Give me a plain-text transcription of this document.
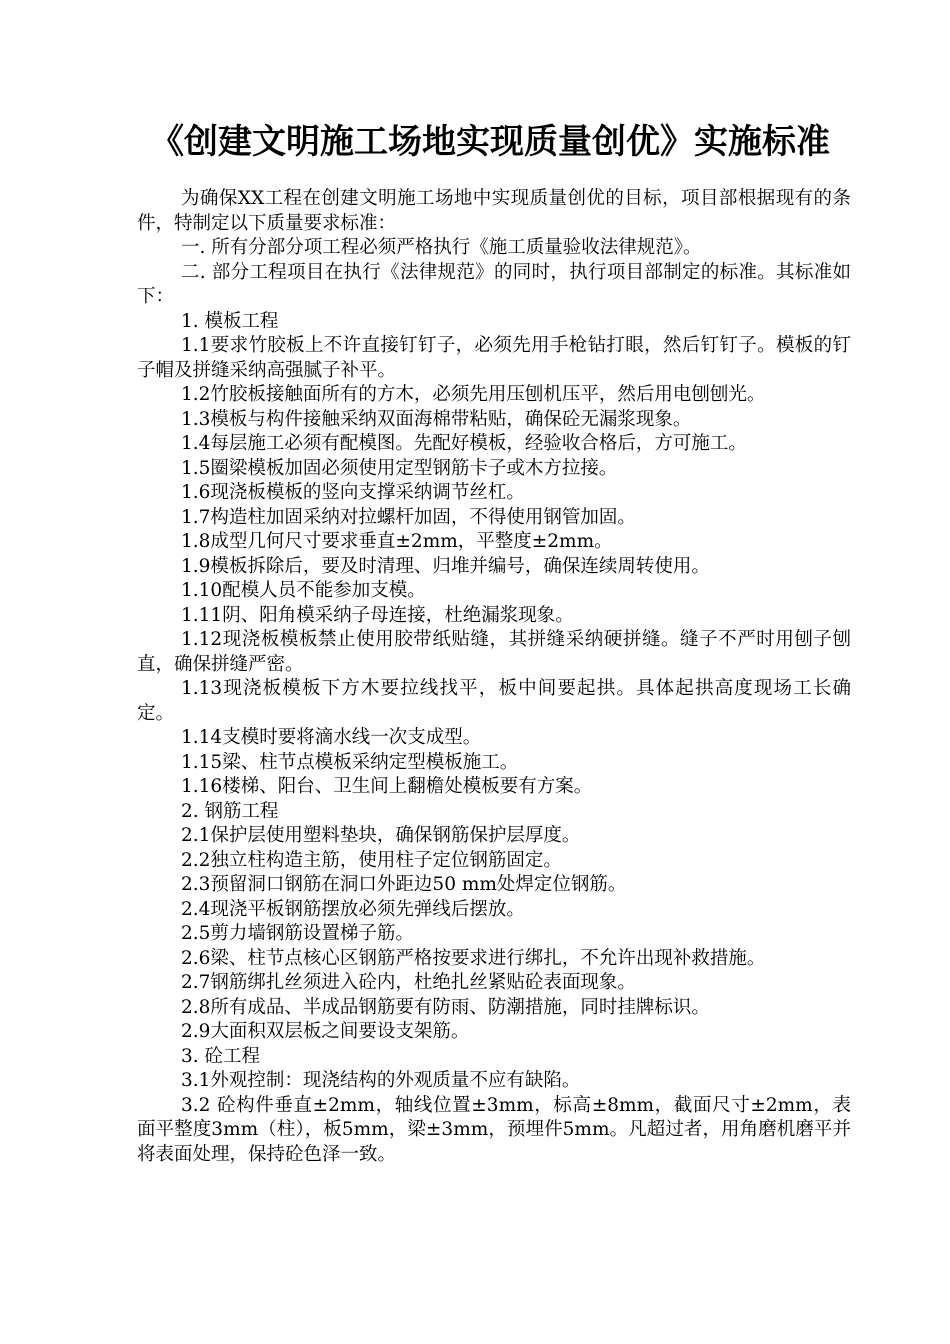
《创建文明施工场地实现质量创优》实施标准

为确保XX工程在创建文明施工场地中实现质量创优的目标，项目部根据现有的条件，特制定以下质量要求标准：

一. 所有分部分项工程必须严格执行《施工质量验收法律规范》。

二. 部分工程项目在执行《法律规范》的同时，执行项目部制定的标准。其标准如下：

1. 模板工程

1.1要求竹胶板上不许直接钉钉子，必须先用手枪钻打眼，然后钉钉子。模板的钉子帽及拼缝采纳高强腻子补平。

1.2竹胶板接触面所有的方木，必须先用压刨机压平，然后用电刨刨光。

1.3模板与构件接触采纳双面海棉带粘贴，确保砼无漏浆现象。

1.4每层施工必须有配模图。先配好模板，经验收合格后，方可施工。

1.5圈梁模板加固必须使用定型钢筋卡子或木方拉接。

1.6现浇板模板的竖向支撑采纳调节丝杠。

1.7构造柱加固采纳对拉螺杆加固，不得使用钢管加固。

1.8成型几何尺寸要求垂直±2mm，平整度±2mm。

1.9模板拆除后，要及时清理、归堆并编号，确保连续周转使用。

1.10配模人员不能参加支模。

1.11阴、阳角模采纳子母连接，杜绝漏浆现象。

1.12现浇板模板禁止使用胶带纸贴缝，其拼缝采纳硬拼缝。缝子不严时用刨子刨直，确保拼缝严密。

1.13现浇板模板下方木要拉线找平，板中间要起拱。具体起拱高度现场工长确定。

1.14支模时要将滴水线一次支成型。

1.15梁、柱节点模板采纳定型模板施工。

1.16楼梯、阳台、卫生间上翻檐处模板要有方案。

2. 钢筋工程

2.1保护层使用塑料垫块，确保钢筋保护层厚度。

2.2独立柱构造主筋，使用柱子定位钢筋固定。

2.3预留洞口钢筋在洞口外距边50 mm处焊定位钢筋。

2.4现浇平板钢筋摆放必须先弹线后摆放。

2.5剪力墙钢筋设置梯子筋。

2.6梁、柱节点核心区钢筋严格按要求进行绑扎，不允许出现补救措施。

2.7钢筋绑扎丝须进入砼内，杜绝扎丝紧贴砼表面现象。

2.8所有成品、半成品钢筋要有防雨、防潮措施，同时挂牌标识。

2.9大面积双层板之间要设支架筋。

3. 砼工程

3.1外观控制：现浇结构的外观质量不应有缺陷。

3.2 砼构件垂直±2mm，轴线位置±3mm，标高±8mm，截面尺寸±2mm，表面平整度3mm（柱），板5mm，梁±3mm，预埋件5mm。凡超过者，用角磨机磨平并将表面处理，保持砼色泽一致。
